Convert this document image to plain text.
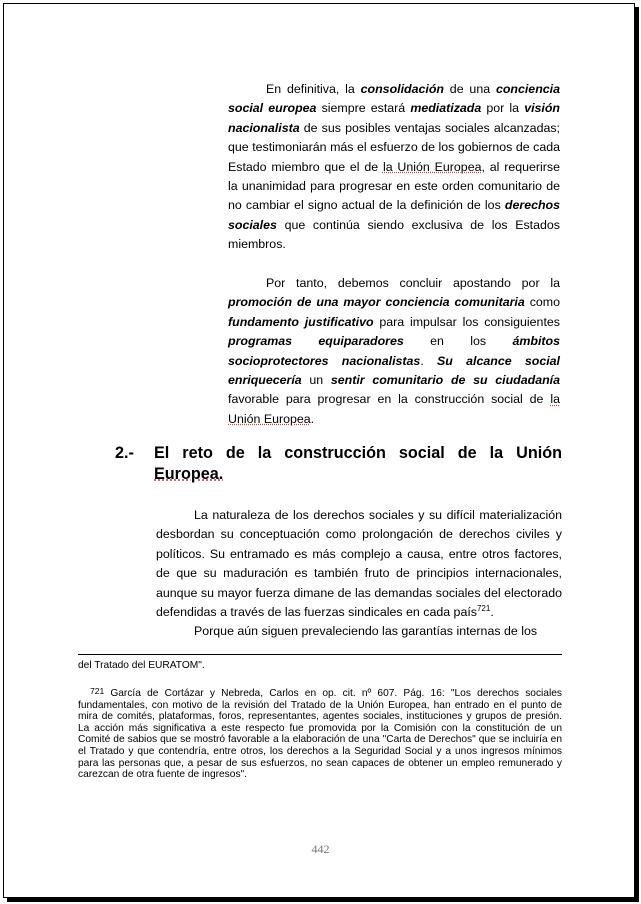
En definitiva, la consolidación de una conciencia social europea siempre estará mediatizada por la visión nacionalista de sus posibles ventajas sociales alcanzadas; que testimoniarán más el esfuerzo de los gobiernos de cada Estado miembro que el de la Unión Europea, al requerirse la unanimidad para progresar en este orden comunitario de no cambiar el signo actual de la definición de los derechos sociales que continúa siendo exclusiva de los Estados miembros.

Por tanto, debemos concluir apostando por la promoción de una mayor conciencia comunitaria como fundamento justificativo para impulsar los consiguientes programas equiparadores en los ámbitos socioprotectores nacionalistas. Su alcance social enriquecería un sentir comunitario de su ciudadanía favorable para progresar en la construcción social de la Unión Europea.

2.- El reto de la construcción social de la Unión
Europea.

La naturaleza de los derechos sociales y su difícil materialización desbordan su conceptuación como prolongación de derechos civiles y políticos. Su entramado es más complejo a causa, entre otros factores, de que su maduración es también fruto de principios internacionales, aunque su mayor fuerza dimane de las demandas sociales del electorado defendidas a través de las fuerzas sindicales en cada país$^{721}$.

Porque aún siguen prevaleciendo las garantías internas de los

del Tratado del EURATOM".
721 García de Cortázar y Nebreda, Carlos en op. cit. nº 607. Pág. 16: "Los derechos sociales fundamentales, con motivo de la revisión del Tratado de la Unión Europea, han entrado en el punto de mira de comités, plataformas, foros, representantes, agentes sociales, instituciones y grupos de presión. La acción más significativa a este respecto fue promovida por la Comisión con la constitución de un Comité de sabios que se mostró favorable a la elaboración de una "Carta de Derechos" que se incluiría en el Tratado y que contendría, entre otros, los derechos a la Seguridad Social y a unos ingresos mínimos para las personas que, a pesar de sus esfuerzos, no sean capaces de obtener un empleo remunerado y carezcan de otra fuente de ingresos".
442
